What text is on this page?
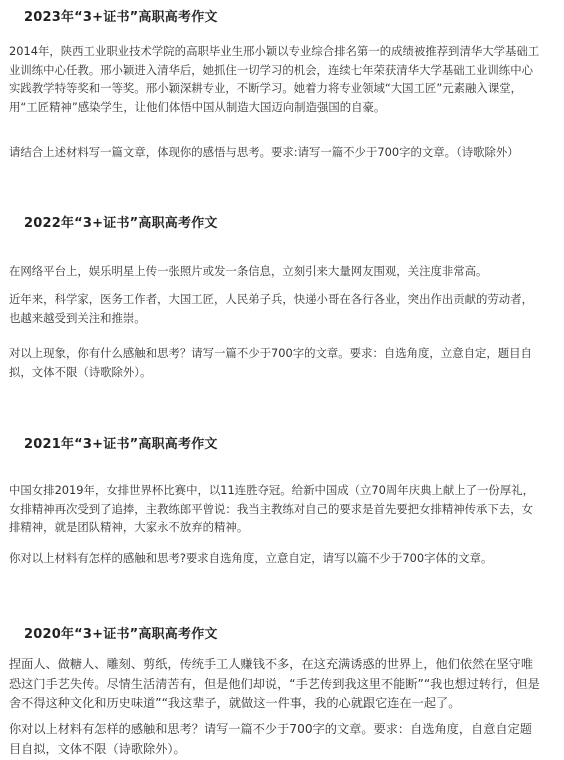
2023年“3+证书”高职高考作文

2014年，陕西工业职业技术学院的高职毕业生邢小颖以专业综合排名第一的成绩被推荐到清华大学基础工业训练中心任教。邢小颖进入清华后，她抓住一切学习的机会，连续七年荣获清华大学基础工业训练中心实践教学特等奖和一等奖。邢小颖深耕专业，不断学习。她着力将专业领域“大国工匠”元素融入课堂，用“工匠精神”感染学生，让他们体悟中国从制造大国迈向制造强国的自豪。

请结合上述材料写一篇文章，体现你的感悟与思考。要求:请写一篇不少于700字的文章。（诗歌除外）

2022年“3+证书”高职高考作文

在网络平台上，娱乐明星上传一张照片或发一条信息，立刻引来大量网友围观，关注度非常高。

近年来，科学家，医务工作者，大国工匠，人民弟子兵，快递小哥在各行各业，突出作出贡献的劳动者，也越来越受到关注和推崇。

对以上现象，你有什么感触和思考？请写一篇不少于700字的文章。要求：自选角度，立意自定，题目自拟，文体不限（诗歌除外）。

2021年“3+证书”高职高考作文

中国女排2019年，女排世界杯比赛中，以11连胜夺冠。给新中国成（立70周年庆典上献上了一份厚礼，女排精神再次受到了追捧，主教练郎平曾说：我当主教练对自己的要求是首先要把女排精神传承下去，女排精神，就是团队精神，大家永不放弃的精神。

你对以上材料有怎样的感触和思考?要求自选角度，立意自定，请写以篇不少于700字体的文章。

2020年“3+证书”高职高考作文

捏面人、做糖人、雕刻、剪纸，传统手工人赚钱不多，在这充满诱惑的世界上，他们依然在坚守唯恐这门手艺失传。尽情生活清苦有，但是他们却说，“手艺传到我这里不能断”“我也想过转行，但是舍不得这种文化和历史味道”“我这辈子，就做这一件事，我的心就跟它连在一起了。

你对以上材料有怎样的感触和思考？请写一篇不少于700字的文章。要求：自选角度，自意自定题目自拟，文体不限（诗歌除外）。
